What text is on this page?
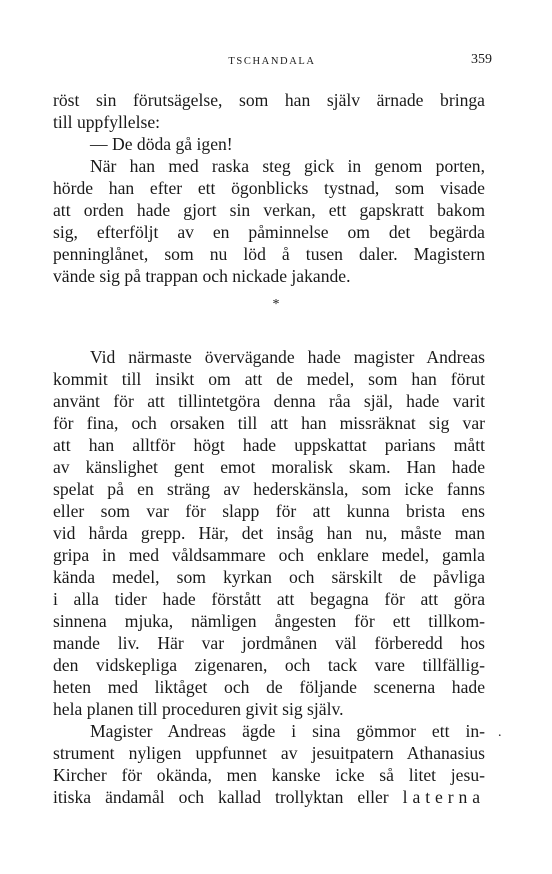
TSCHANDALA	359
röst sin förutsägelse, som han själv ärnade bringa
till uppfyllelse:
— De döda gå igen!
När han med raska steg gick in genom porten,
hörde han efter ett ögonblicks tystnad, som visade
att orden hade gjort sin verkan, ett gapskratt bakom
sig, efterföljt av en påminnelse om det begärda
penninglånet, som nu löd å tusen daler. Magistern
vände sig på trappan och nickade jakande.
*
Vid närmaste övervägande hade magister Andreas
kommit till insikt om att de medel, som han förut
använt för att tillintetgöra denna råa själ, hade varit
för fina, och orsaken till att han missräknat sig var
att han alltför högt hade uppskattat parians mått
av känslighet gent emot moralisk skam. Han hade
spelat på en sträng av hederskänsla, som icke fanns
eller som var för slapp för att kunna brista ens
vid hårda grepp. Här, det insåg han nu, måste man
gripa in med våldsammare och enklare medel, gamla
kända medel, som kyrkan och särskilt de påvliga
i alla tider hade förstått att begagna för att göra
sinnena mjuka, nämligen ångesten för ett tillkom-
mande liv. Här var jordmånen väl förberedd hos
den vidskepliga zigenaren, och tack vare tillfällig-
heten med liktåget och de följande scenerna hade
hela planen till proceduren givit sig själv.
Magister Andreas ägde i sina gömmor ett in-
strument nyligen uppfunnet av jesuitpatern Athanasius
Kircher för okända, men kanske icke så litet jesu-
itiska ändamål och kallad trollyktan eller laterna
.
